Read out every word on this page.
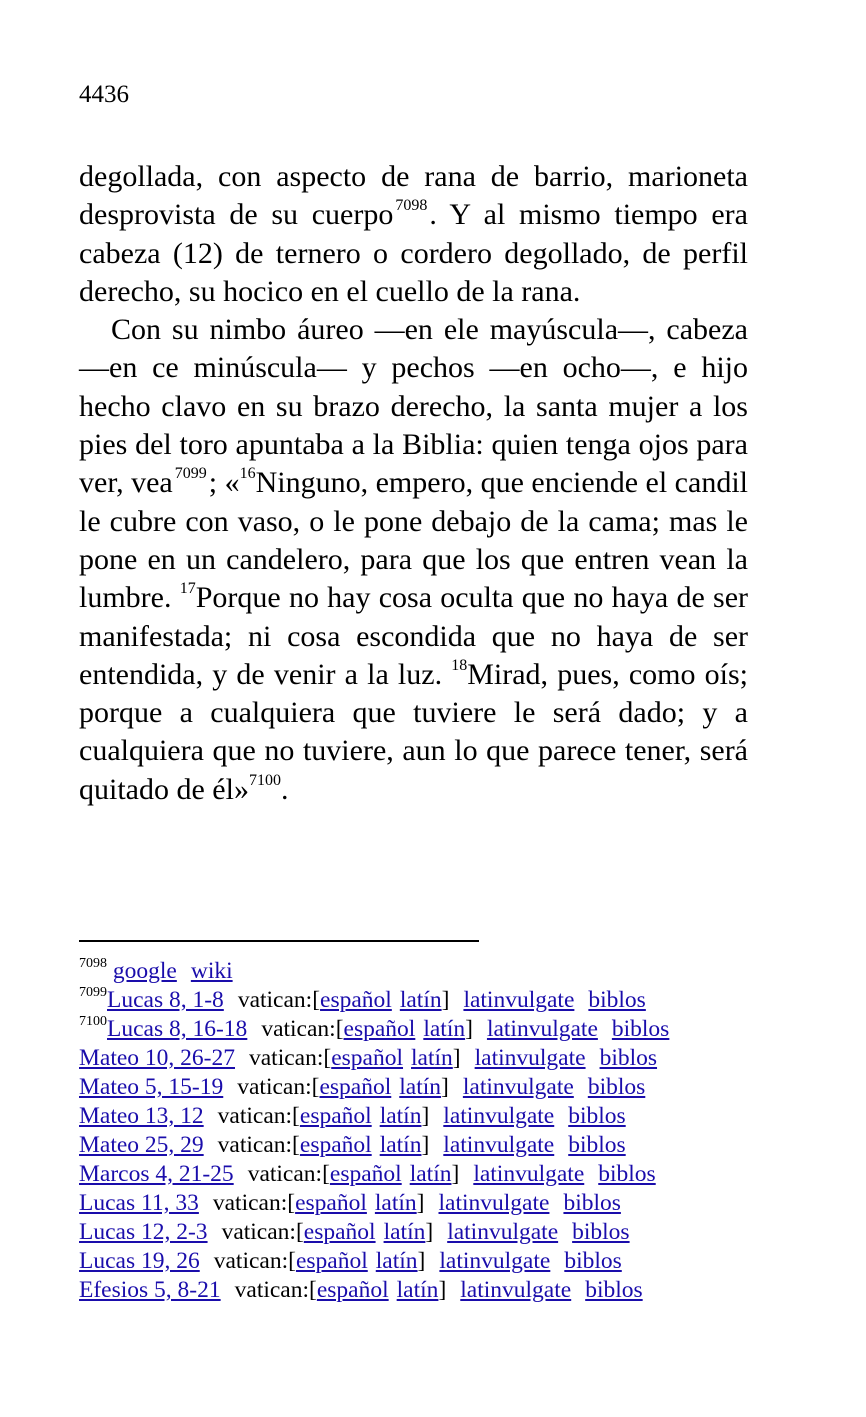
4436

degollada, con aspecto de rana de barrio, marioneta desprovista de su cuerpo $^{7098}$. Y al mismo tiempo era cabeza (12) de ternero o cordero degollado, de perfil derecho, su hocico en el cuello de la rana.

Con su nimbo áureo —en ele mayúscula—, cabeza —en ce minúscula— y pechos —en ocho—, e hijo hecho clavo en su brazo derecho, la santa mujer a los pies del toro apuntaba a la Biblia: quien tenga ojos para ver, vea $^{7099}$; «$^{16}$Ninguno, empero, que enciende el candil le cubre con vaso, o le pone debajo de la cama; mas le pone en un candelero, para que los que entren vean la lumbre. $^{17}$Porque no hay cosa oculta que no haya de ser manifestada; ni cosa escondida que no haya de ser entendida, y de venir a la luz. $^{18}$Mirad, pues, como oís; porque a cualquiera que tuviere le será dado; y a cualquiera que no tuviere, aun lo que parece tener, será quitado de él»$^{7100}$.

$^{7098}$ google wiki
$^{7099}$Lucas 8, 1-8 vatican:[español latín] latinvulgate biblos
$^{7100}$Lucas 8, 16-18 vatican:[español latín] latinvulgate biblos
Mateo 10, 26-27 vatican:[español latín] latinvulgate biblos
Mateo 5, 15-19 vatican:[español latín] latinvulgate biblos
Mateo 13, 12 vatican:[español latín] latinvulgate biblos
Mateo 25, 29 vatican:[español latín] latinvulgate biblos
Marcos 4, 21-25 vatican:[español latín] latinvulgate biblos
Lucas 11, 33 vatican:[español latín] latinvulgate biblos
Lucas 12, 2-3 vatican:[español latín] latinvulgate biblos
Lucas 19, 26 vatican:[español latín] latinvulgate biblos
Efesios 5, 8-21 vatican:[español latín] latinvulgate biblos
